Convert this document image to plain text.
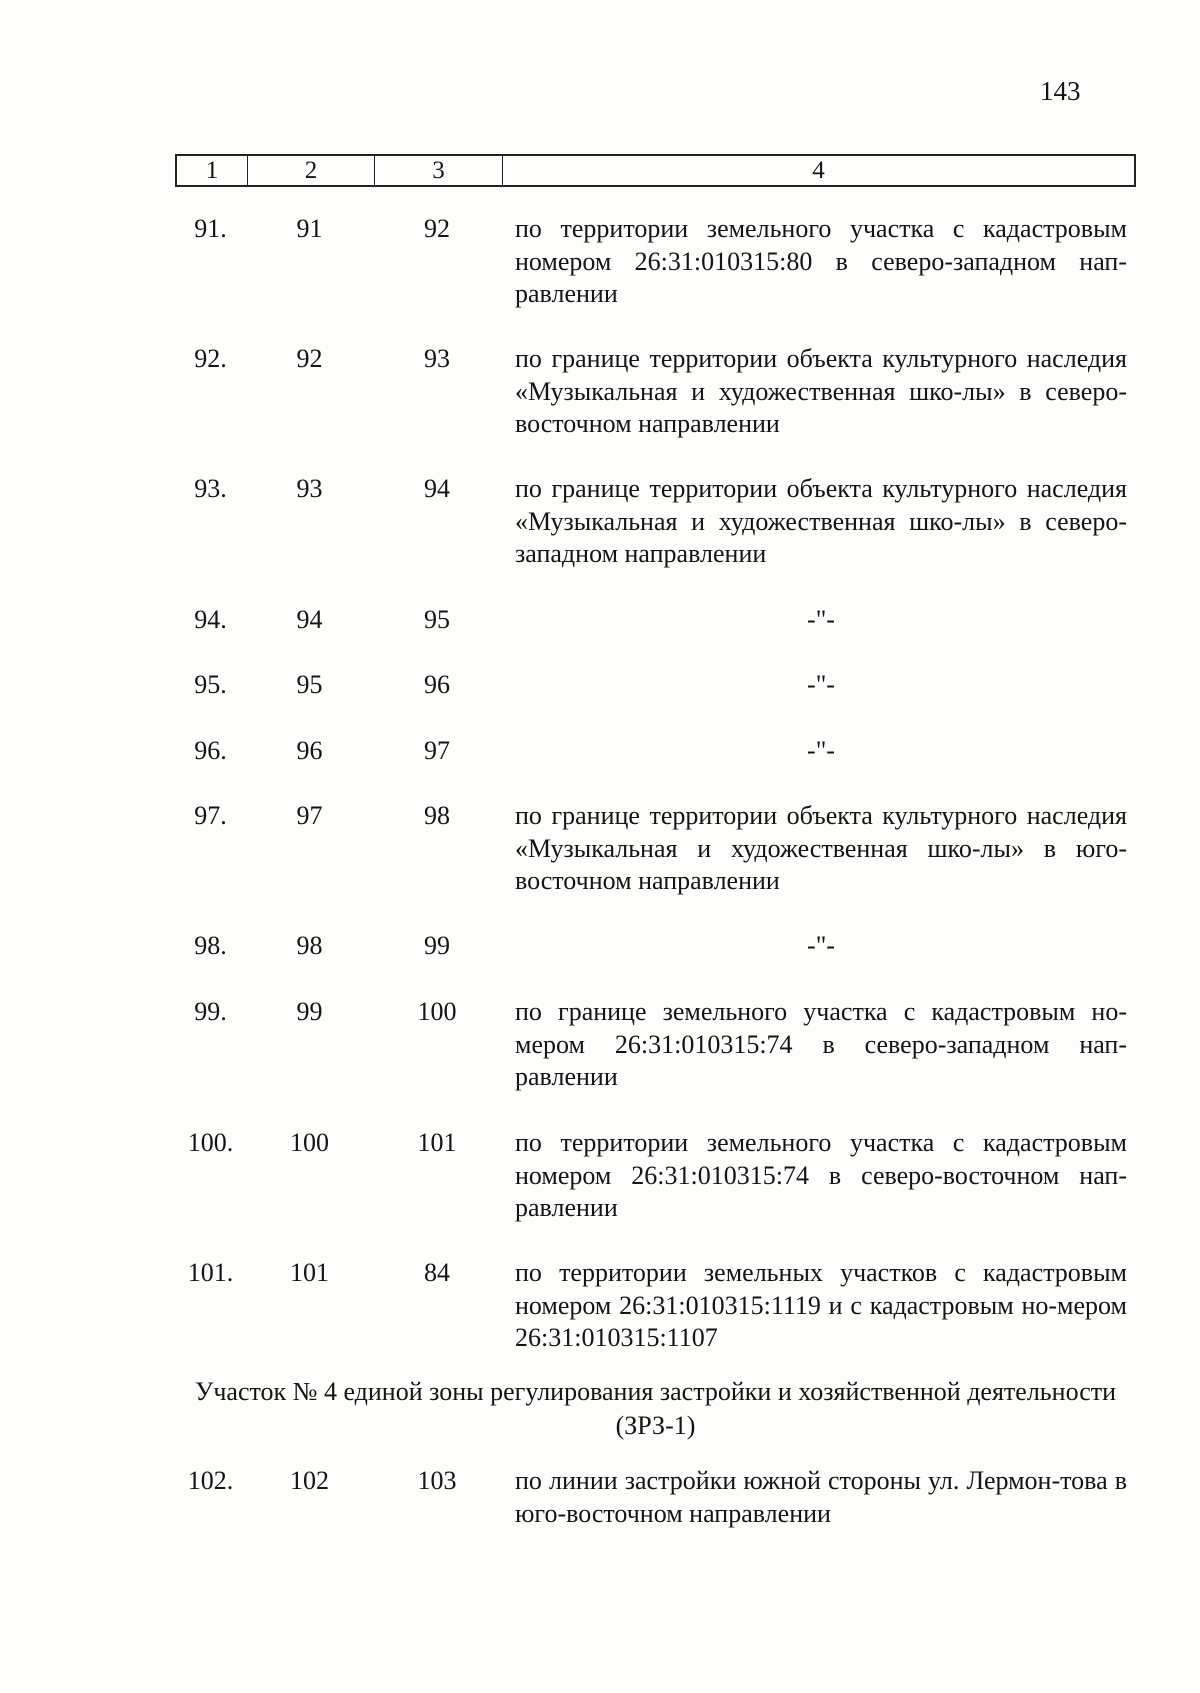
143
1	2	3	4
91.	91	92	по территории земельного участка с кадастровым номером 26:31:010315:80 в северо-западном нап-равлении
92.	92	93	по границе территории объекта культурного наследия «Музыкальная и художественная шко-лы» в северо-восточном направлении
93.	93	94	по границе территории объекта культурного наследия «Музыкальная и художественная шко-лы» в северо-западном направлении
94.	94	95	-"-
95.	95	96	-"-
96.	96	97	-"-
97.	97	98	по границе территории объекта культурного наследия «Музыкальная и художественная шко-лы» в юго-восточном направлении
98.	98	99	-"-
99.	99	100	по границе земельного участка с кадастровым но-мером 26:31:010315:74 в северо-западном нап-равлении
100.	100	101	по территории земельного участка с кадастровым номером 26:31:010315:74 в северо-восточном нап-равлении
101.	101	84	по территории земельных участков с кадастровым номером 26:31:010315:1119 и с кадастровым но-мером 26:31:010315:1107
Участок № 4 единой зоны регулирования застройки и хозяйственной деятельности (ЗРЗ-1)
102.	102	103	по линии застройки южной стороны ул. Лермон-това в юго-восточном направлении
